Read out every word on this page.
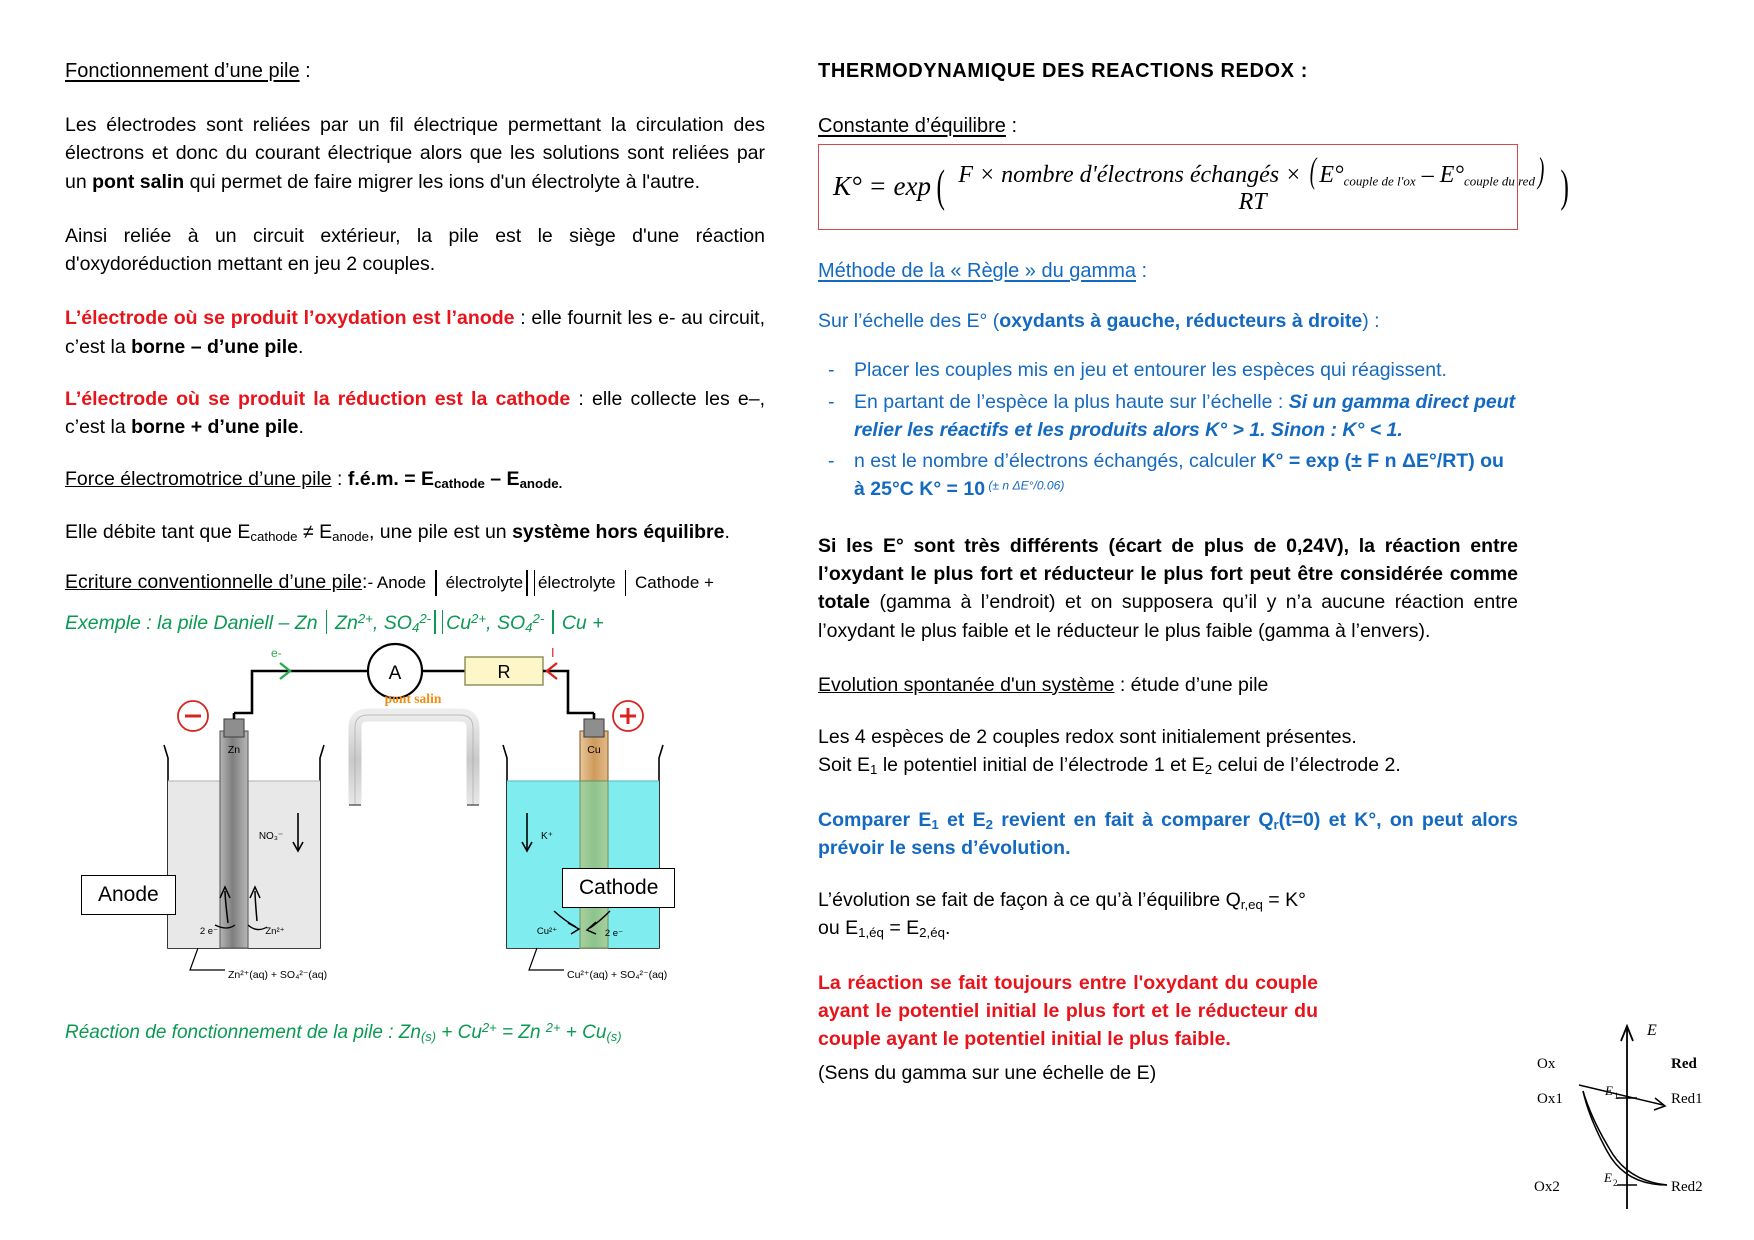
Fonctionnement d’une pile :
Les électrodes sont reliées par un fil électrique permettant la circulation des électrons et donc du courant électrique alors que les solutions sont reliées par un pont salin qui permet de faire migrer les ions d'un électrolyte à l'autre.
Ainsi reliée à un circuit extérieur, la pile est le siège d'une réaction d'oxydoréduction mettant en jeu 2 couples.
L’électrode où se produit l’oxydation est l’anode : elle fournit les e- au circuit, c’est la borne – d’une pile.
L’électrode où se produit la réduction est la cathode : elle collecte les e–, c’est la borne + d’une pile.
Force électromotrice d’une pile : f.é.m. = $E_{cathode} - E_{anode.}$
Elle débite tant que $E_{cathode} \ne E_{anode}$, une pile est un système hors équilibre.
Ecriture conventionnelle d’une pile : - Anode électrolyte électrolyte Cathode +
Exemple : la pile Daniell – Zn $Zn^{2+}$, $SO_4^{2-}$ $Cu^{2+}$, $SO_4^{2-}$ Cu +
A	R
e-	I
pont salin
Zn
NO₃⁻
2 e⁻	Zn²⁺
Cu
K⁺
Cu²⁺	2 e⁻
Zn²⁺(aq) + SO₄²⁻(aq)	Cu²⁺(aq) + SO₄²⁻(aq)
Anode	Cathode
Réaction de fonctionnement de la pile : $Zn_{(s)} + Cu^{2+} = Zn$ $^{2+} + Cu_{(s)}$
THERMODYNAMIQUE DES REACTIONS REDOX :
Constante d’équilibre :
K° = exp ( F × nombre d'électrons échangés × ( E°couple de l'ox – E°couple du red) RT	)
Méthode de la « Règle » du gamma :
Sur l’échelle des E° (oxydants à gauche, réducteurs à droite) :
-	Placer les couples mis en jeu et entourer les espèces qui réagissent.
-	En partant de l’espèce la plus haute sur l’échelle : Si un gamma direct peut relier les réactifs et les produits alors K° > 1. Sinon : K° < 1.
-	n est le nombre d’électrons échangés, calculer K° = exp (± F n ΔE°/RT) ou à 25°C K° = 10 $^{(\pm n \Delta E^\circ/0.06)}$
Si les E° sont très différents (écart de plus de 0,24V), la réaction entre l’oxydant le plus fort et réducteur le plus fort peut être considérée comme totale (gamma à l’endroit) et on supposera qu’il y n’a aucune réaction entre l’oxydant le plus faible et le réducteur le plus faible (gamma à l’envers).
Evolution spontanée d'un système : étude d’une pile
Les 4 espèces de 2 couples redox sont initialement présentes.
Soit $E_1$ le potentiel initial de l’électrode 1 et $E_2$ celui de l’électrode 2.
Comparer $E_1$ et $E_2$ revient en fait à comparer $Q_r(t=0)$ et K°, on peut alors prévoir le sens d’évolution.
L’évolution se fait de façon à ce qu’à l’équilibre $Q_{r,eq} = K^\circ$
ou $E_{1,éq} = E_{2,éq}$.
La réaction se fait toujours entre l'oxydant du couple ayant le potentiel initial le plus fort et le réducteur du couple ayant le potentiel initial le plus faible.
(Sens du gamma sur une échelle de E)
E
Ox	Red
Ox1	Red1
E 1
Ox2	Red2
E 2
